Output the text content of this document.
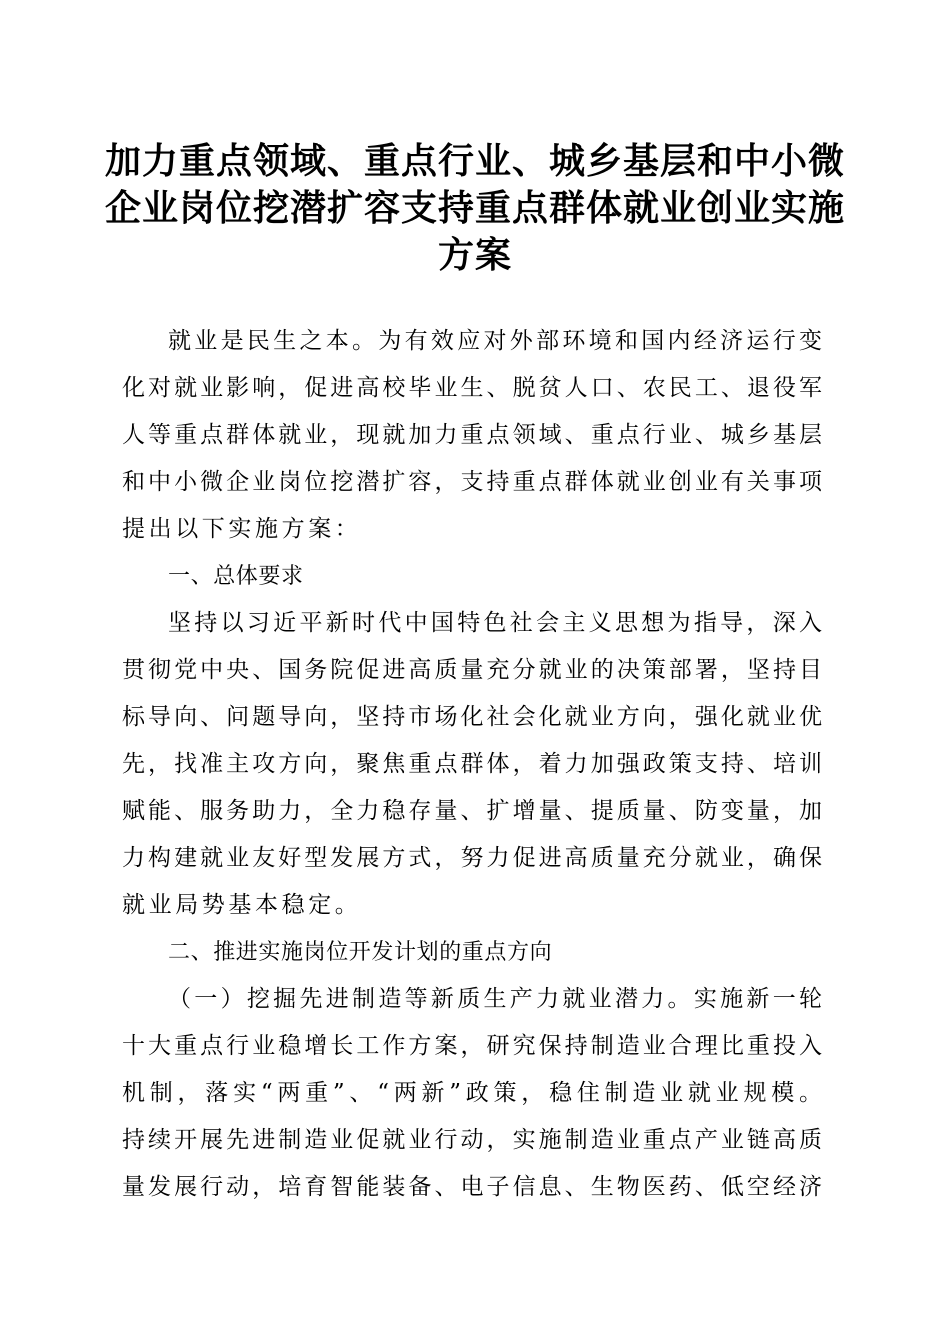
加力重点领域、重点行业、城乡基层和中小微
企业岗位挖潜扩容支持重点群体就业创业实施
方案
就业是民生之本。为有效应对外部环境和国内经济运行变
化对就业影响，促进高校毕业生、脱贫人口、农民工、退役军
人等重点群体就业，现就加力重点领域、重点行业、城乡基层
和中小微企业岗位挖潜扩容，支持重点群体就业创业有关事项
提出以下实施方案：
一、总体要求
坚持以习近平新时代中国特色社会主义思想为指导，深入
贯彻党中央、国务院促进高质量充分就业的决策部署，坚持目
标导向、问题导向，坚持市场化社会化就业方向，强化就业优
先，找准主攻方向，聚焦重点群体，着力加强政策支持、培训
赋能、服务助力，全力稳存量、扩增量、提质量、防变量，加
力构建就业友好型发展方式，努力促进高质量充分就业，确保
就业局势基本稳定。
二、推进实施岗位开发计划的重点方向
（一）挖掘先进制造等新质生产力就业潜力。实施新一轮
十大重点行业稳增长工作方案，研究保持制造业合理比重投入
机制，落实“两重”、“两新”政策，稳住制造业就业规模。
持续开展先进制造业促就业行动，实施制造业重点产业链高质
量发展行动，培育智能装备、电子信息、生物医药、低空经济
